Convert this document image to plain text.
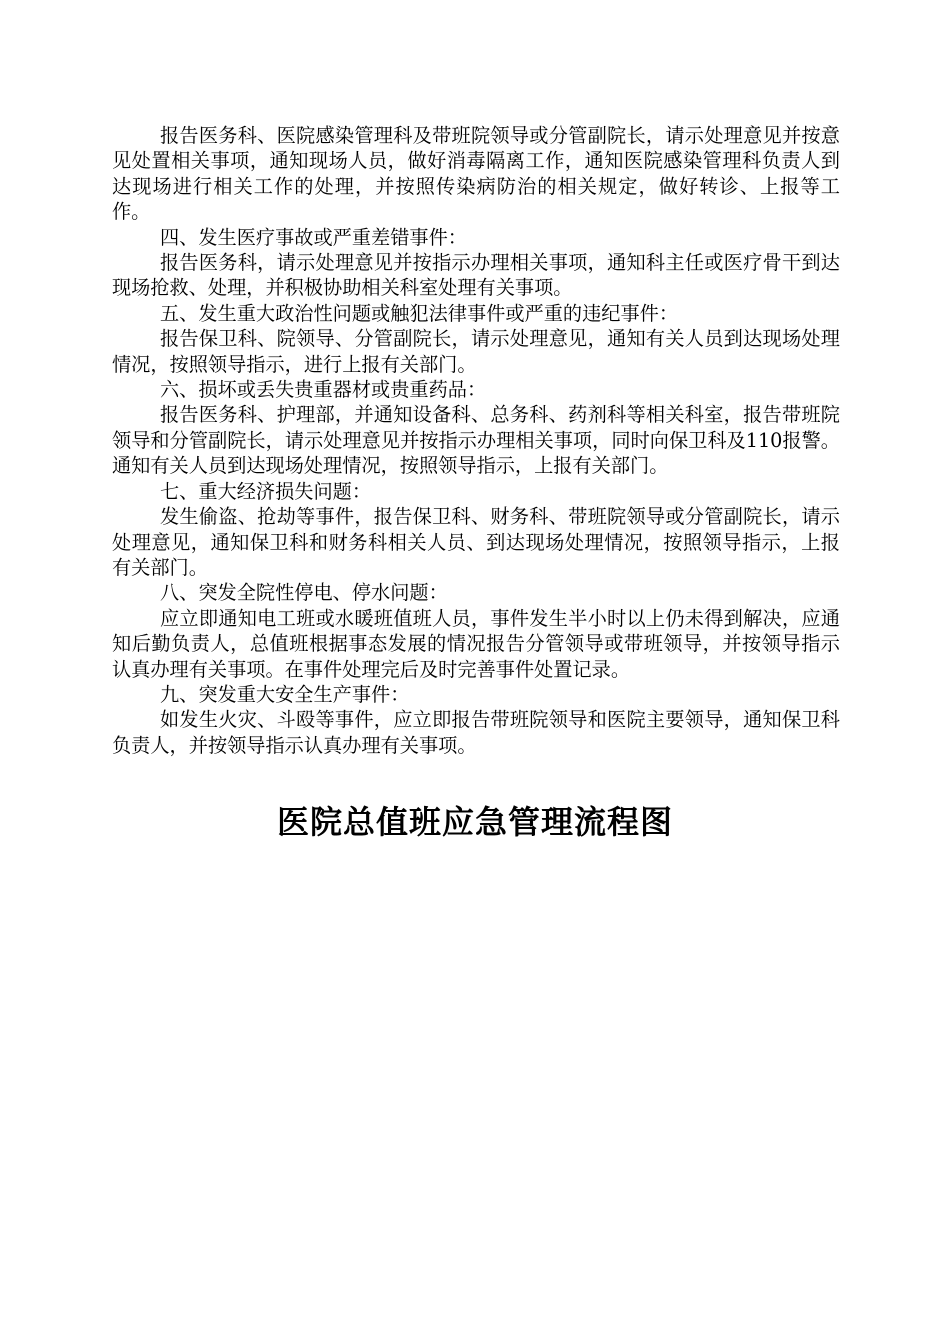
报告医务科、医院感染管理科及带班院领导或分管副院长，请示处理意见并按意见处置相关事项，通知现场人员，做好消毒隔离工作，通知医院感染管理科负责人到达现场进行相关工作的处理，并按照传染病防治的相关规定，做好转诊、上报等工作。

四、发生医疗事故或严重差错事件：

报告医务科，请示处理意见并按指示办理相关事项，通知科主任或医疗骨干到达现场抢救、处理，并积极协助相关科室处理有关事项。

五、发生重大政治性问题或触犯法律事件或严重的违纪事件：

报告保卫科、院领导、分管副院长，请示处理意见，通知有关人员到达现场处理情况，按照领导指示，进行上报有关部门。

六、损坏或丢失贵重器材或贵重药品：

报告医务科、护理部，并通知设备科、总务科、药剂科等相关科室，报告带班院领导和分管副院长，请示处理意见并按指示办理相关事项，同时向保卫科及110报警。通知有关人员到达现场处理情况，按照领导指示，上报有关部门。

七、重大经济损失问题：

发生偷盗、抢劫等事件，报告保卫科、财务科、带班院领导或分管副院长，请示处理意见，通知保卫科和财务科相关人员、到达现场处理情况，按照领导指示，上报有关部门。

八、突发全院性停电、停水问题：

应立即通知电工班或水暖班值班人员，事件发生半小时以上仍未得到解决，应通知后勤负责人，总值班根据事态发展的情况报告分管领导或带班领导，并按领导指示认真办理有关事项。在事件处理完后及时完善事件处置记录。

九、突发重大安全生产事件：

如发生火灾、斗殴等事件，应立即报告带班院领导和医院主要领导，通知保卫科负责人，并按领导指示认真办理有关事项。

医院总值班应急管理流程图
